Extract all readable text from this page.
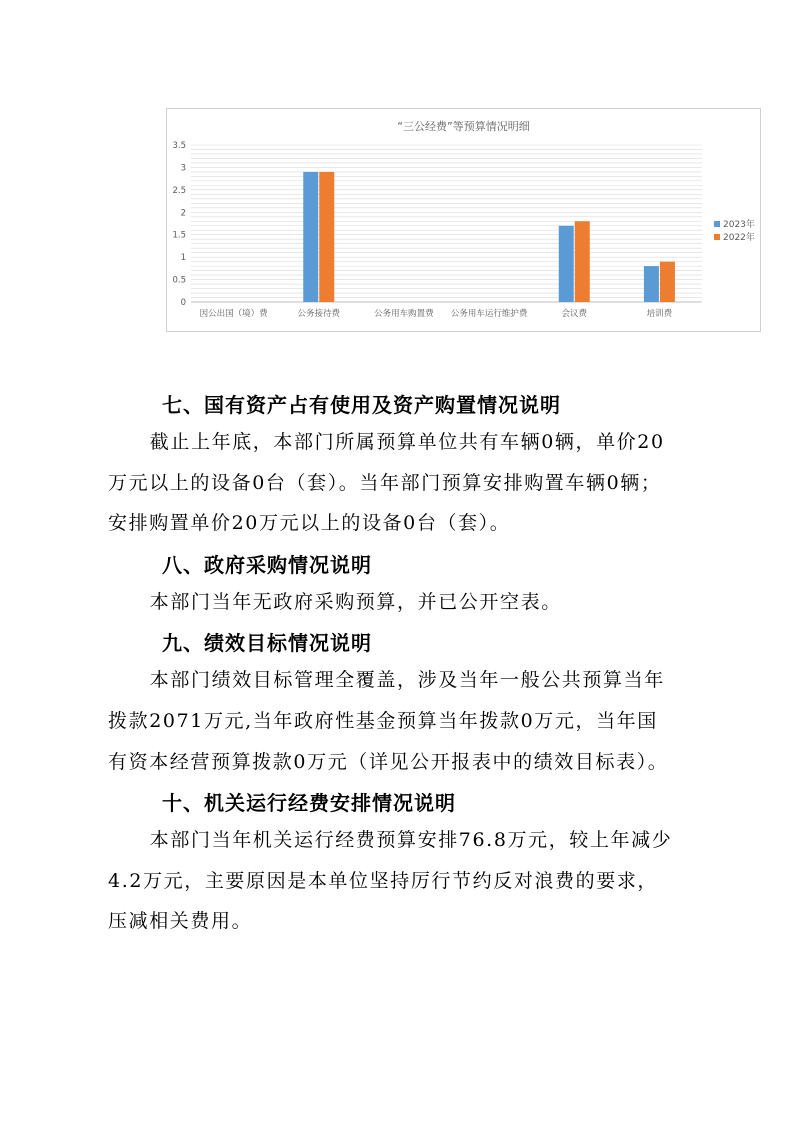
“三公经费”等预算情况明细
0
0.5
1
1.5
2
2.5
3
3.5
因公出国（境）费	公务接待费	公务用车购置费 公务用车运行维护费	会议费	培训费
2023年
2022年
七、国有资产占有使用及资产购置情况说明

截止上年底，本部门所属预算单位共有车辆0辆，单价20万元以上的设备0台（套）。当年部门预算安排购置车辆0辆；安排购置单价20万元以上的设备0台（套）。

八、政府采购情况说明

本部门当年无政府采购预算，并已公开空表。

九、绩效目标情况说明

本部门绩效目标管理全覆盖，涉及当年一般公共预算当年拨款2071万元,当年政府性基金预算当年拨款0万元，当年国有资本经营预算拨款0万元（详见公开报表中的绩效目标表）。

十、机关运行经费安排情况说明

本部门当年机关运行经费预算安排76.8万元，较上年减少4.2万元，主要原因是本单位坚持厉行节约反对浪费的要求，压减相关费用。
